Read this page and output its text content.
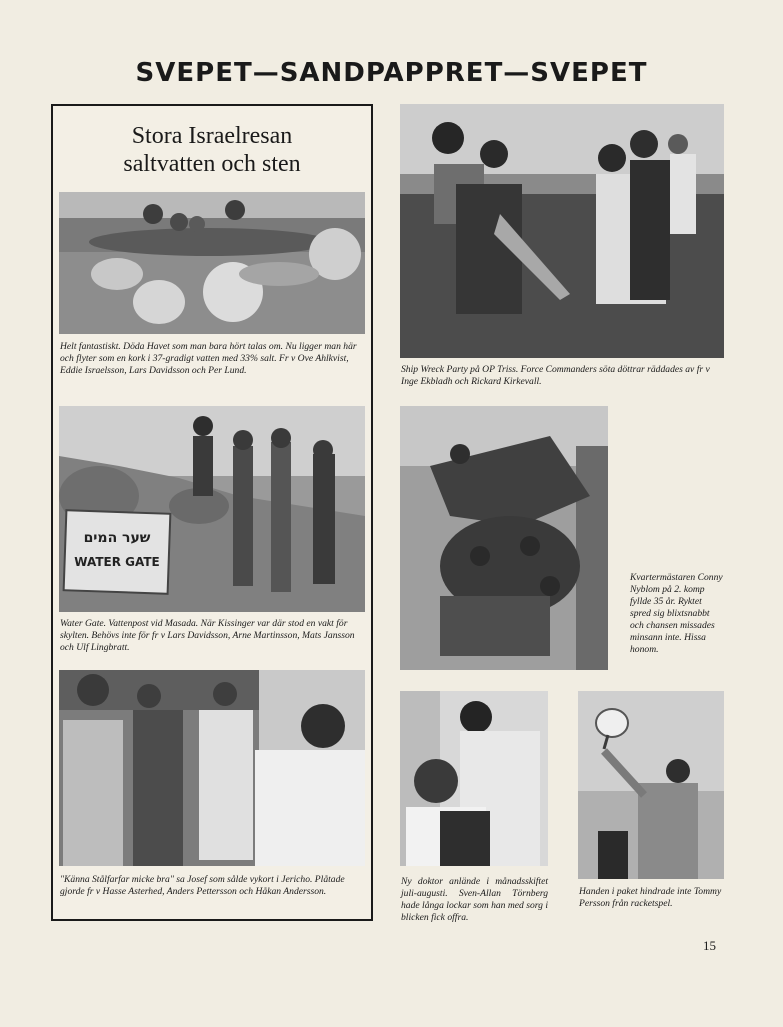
SVEPET—SANDPAPPRET—SVEPET
Stora Israelresan
saltvatten och sten
Helt fantastiskt. Döda Havet som man bara hört talas om. Nu ligger man här och flyter som en kork i 37-gradigt vatten med 33% salt. Fr v Ove Ahlkvist, Eddie Israelsson, Lars Davidsson och Per Lund.
שער המים
WATER GATE
Water Gate. Vattenpost vid Masada. När Kissinger var där stod en vakt för skylten. Behövs inte för fr v Lars Davidsson, Arne Martinsson, Mats Jansson och Ulf Lingbratt.
"Känna Stålfarfar micke bra" sa Josef som sålde vykort i Jericho. Plåtade gjorde fr v Hasse Asterhed, Anders Pettersson och Håkan Andersson.
Ship Wreck Party på OP Triss. Force Commanders söta döttrar räddades av fr v Inge Ekbladh och Rickard Kirkevall.
Kvartermästaren Conny Nyblom på 2. komp fyllde 35 år. Ryktet spred sig blixtsnabbt och chansen missades minsann inte. Hissa honom.
Ny doktor anlände i månadsskiftet juli-augusti. Sven-Allan Törnberg hade långa lockar som han med sorg i blicken fick offra.
Handen i paket hindrade inte Tommy Persson från racketspel.
15
